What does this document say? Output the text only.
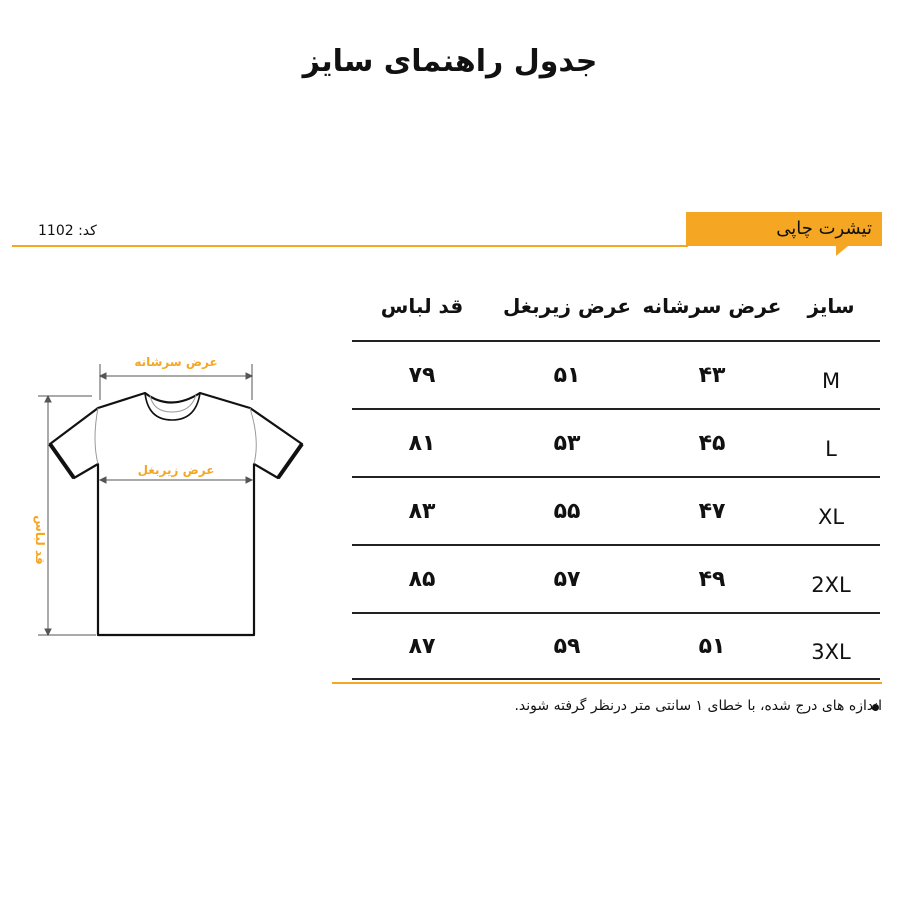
جدول راهنمای سایز
کد: 1102	تیشرت چاپی
عرض سرشانه
عرض زیربغل
قد لباس
سایز
عرض سرشانه
عرض زیربغل
قد لباس
M
۴۳
۵۱
۷۹
L
۴۵
۵۳
۸۱
XL
۴۷
۵۵
۸۳
2XL
۴۹
۵۷
۸۵
3XL
۵۱
۵۹
۸۷
اندازه های درج شده، با خطای ۱ سانتی متر درنظر گرفته شوند.
